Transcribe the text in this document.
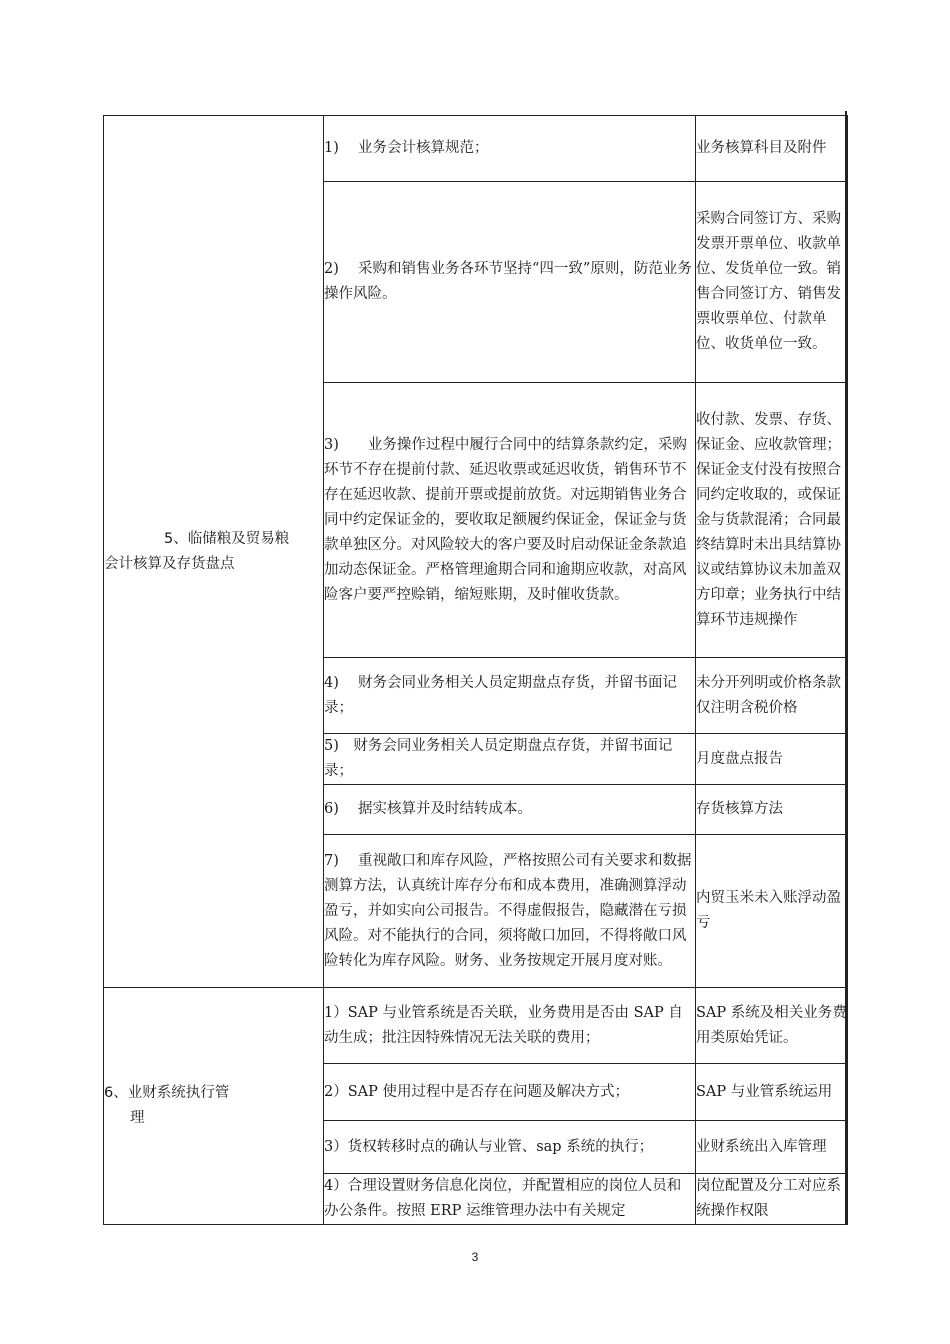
5、临储粮及贸易粮
会计核算及存货盘点	1)　 业务会计核算规范；	业务核算科目及附件
	2)　 采购和销售业务各环节坚持“四一致”原则，防范业务操作风险。	采购合同签订方、采购发票开票单位、收款单位、发货单位一致。销售合同签订方、销售发票收票单位、付款单位、收货单位一致。
	3)　　业务操作过程中履行合同中的结算条款约定，采购环节不存在提前付款、延迟收票或延迟收货，销售环节不存在延迟收款、提前开票或提前放货。对远期销售业务合同中约定保证金的，要收取足额履约保证金，保证金与货款单独区分。对风险较大的客户要及时启动保证金条款追加动态保证金。严格管理逾期合同和逾期应收款，对高风险客户要严控赊销，缩短账期，及时催收货款。	收付款、发票、存货、保证金、应收款管理；保证金支付没有按照合同约定收取的，或保证金与货款混淆；合同最终结算时未出具结算协议或结算协议未加盖双方印章；业务执行中结算环节违规操作
	4)　 财务会同业务相关人员定期盘点存货，并留书面记录；	未分开列明或价格条款仅注明含税价格
	5)　财务会同业务相关人员定期盘点存货，并留书面记录；	月度盘点报告
	6)　 据实核算并及时结转成本。	存货核算方法
	7)　 重视敞口和库存风险，严格按照公司有关要求和数据测算方法，认真统计库存分布和成本费用，准确测算浮动盈亏，并如实向公司报告。不得虚假报告，隐藏潜在亏损风险。对不能执行的合同，须将敞口加回，不得将敞口风险转化为库存风险。财务、业务按规定开展月度对账。	内贸玉米未入账浮动盈亏

6、业财系统执行管
理	1）SAP 与业管系统是否关联，业务费用是否由 SAP 自动生成；批注因特殊情况无法关联的费用；	SAP 系统及相关业务费用类原始凭证。
	2）SAP 使用过程中是否存在问题及解决方式；	SAP 与业管系统运用
	3）货权转移时点的确认与业管、sap 系统的执行；	业财系统出入库管理
	4）合理设置财务信息化岗位，并配置相应的岗位人员和办公条件。按照 ERP 运维管理办法中有关规定	岗位配置及分工对应系统操作权限
3
